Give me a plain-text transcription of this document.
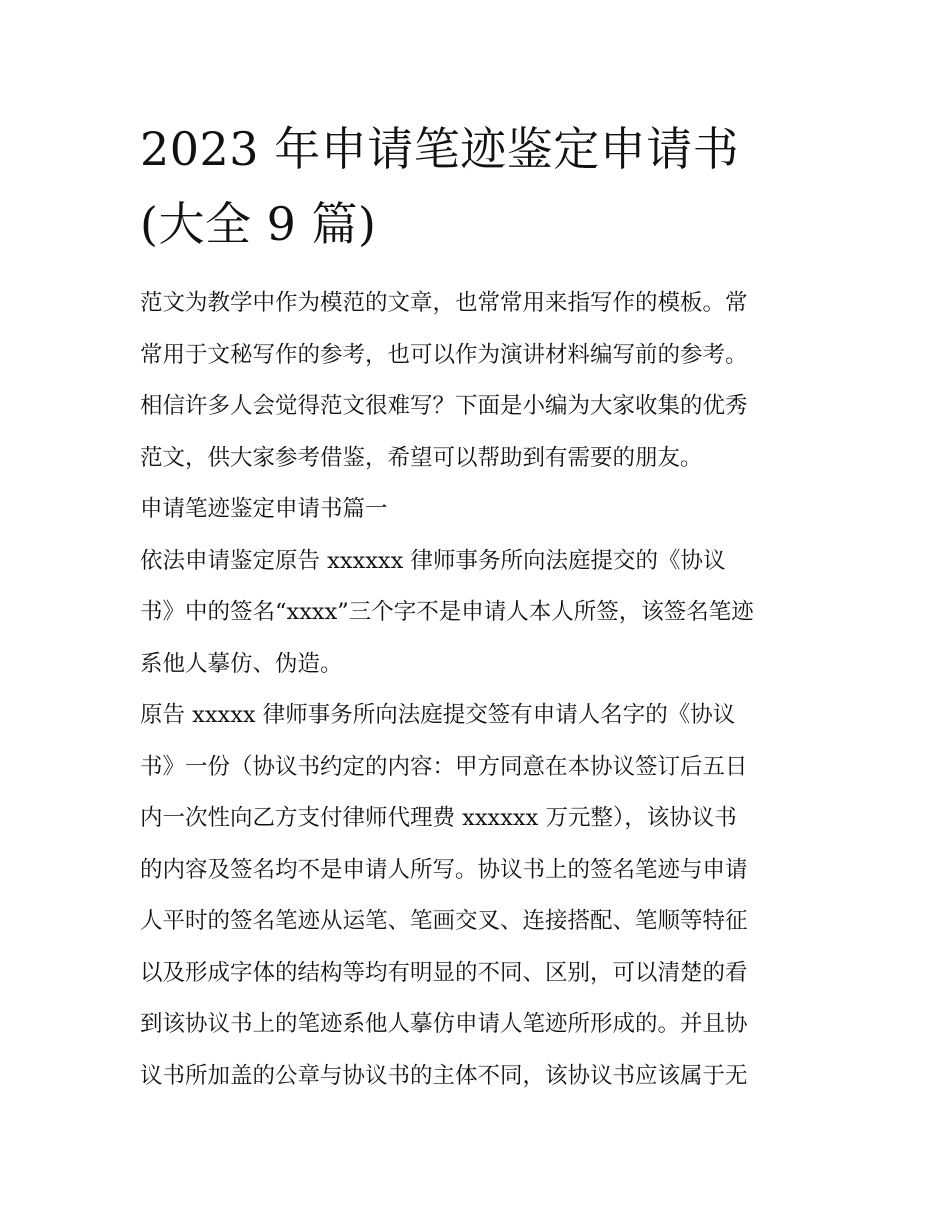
2023 年申请笔迹鉴定申请书
(大全 9 篇)
范文为教学中作为模范的文章，也常常用来指写作的模板。常
常用于文秘写作的参考，也可以作为演讲材料编写前的参考。
相信许多人会觉得范文很难写？下面是小编为大家收集的优秀
范文，供大家参考借鉴，希望可以帮助到有需要的朋友。
申请笔迹鉴定申请书篇一
依法申请鉴定原告 xxxxxx 律师事务所向法庭提交的《协议
书》中的签名“xxxx”三个字不是申请人本人所签，该签名笔迹
系他人摹仿、伪造。
原告 xxxxx 律师事务所向法庭提交签有申请人名字的《协议
书》一份（协议书约定的内容：甲方同意在本协议签订后五日
内一次性向乙方支付律师代理费 xxxxxx 万元整），该协议书
的内容及签名均不是申请人所写。协议书上的签名笔迹与申请
人平时的签名笔迹从运笔、笔画交叉、连接搭配、笔顺等特征
以及形成字体的结构等均有明显的不同、区别，可以清楚的看
到该协议书上的笔迹系他人摹仿申请人笔迹所形成的。并且协
议书所加盖的公章与协议书的主体不同，该协议书应该属于无
